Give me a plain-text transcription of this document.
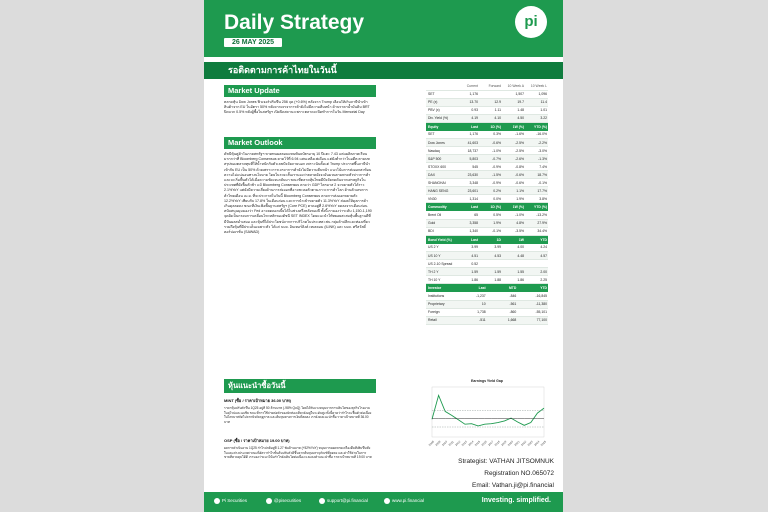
Daily Strategy
26 MAY 2025
pi
รอติดตามการค้าไทยในวันนี้
Market Update
ตลาดหุ้น Dow Jones ฟิวเจอร์ปรับขึ้น 256 จุด (+0.6%) หลังจาก Trump เลื่อนให้เก็บภาษีนำเข้าสินค้าจาก EU ในอัตรา 50% หลังจากเจรจาการค้ายังไม่มีความคืบหน้า ด้านราคาน้ำมันดิบ BRT ปิดบวก 0.5% หลังผู้ซื้อในสหรัฐฯ เปิดปิดสถานะเพราะตลาดจะปิดทำการในวัน Memorial Day
Market Outlook
ดัชนีหุ้นคู่ค้าในภาคสหรัฐฯ ขาดทนผลตอบแทนพันธบัตรอายุ 10 ปีแตะ 7.43 แต่แผลิตภาคเรียนมากกว่าที่ Bloomberg Consensus คาดไว้ที่ 6.94 แสนเหลือเฟเดือน แต่ยังต่ำกว่าในอดีต ตามบทสรุปของตลาดทุนที่ให้น้ำหนักกับตัวเลขปัจจัยภายนอก เพราะนับตั้งแต่ Trump ประกาศขึ้นภาษีนำเข้ากับ EU เป็น 50% ด้วยเพราะการเจรจาการค้ายังไม่มีความคืบหน้า แนวโน้มการส่งออกสะท้อนความไม่แน่นอนทางนโยบาย โดยในระยะสั้นเรามองว่าตลาดยังจะผันผวนตามพาดหัวข่าวการค้า และจะเริ่มฟื้นตัวได้เมื่อความชัดเจนกลับมา ขณะที่ตลาดหุ้นไทยมีปัจจัยกดดันจากเศรษฐกิจในประเทศที่ยังฟื้นตัวช้า แม้ Bloomberg Consensus คาดว่า GDP ไตรมาส 2 จะขยายตัวได้ราว 2.1%YoY แต่ยังมีความเสี่ยงด้านการส่งออกที่อาจชะลอตัวตามภาวะการค้าโลก ด้านตัวเลขการค้าไทยเดือน เม.ย. ที่จะประกาศในวันนี้ Bloomberg Consensus คาดการส่งออกขยายตัว 12.2%YoY เทียบกับ 17.8% ในเดือนก่อน และการนำเข้าขยายตัว 11.3%YoY ส่งผลให้ดุลการค้าเกินดุลลดลง ขณะที่เงินเฟ้อพื้นฐานสหรัฐฯ (Core PCE) คาดอยู่ที่ 2.6%YoY ลดลงจากเดือนก่อน สนับสนุนมุมมองว่า Fed อาจลดดอกเบี้ยได้ในช่วงครึ่งหลังของปี ทั้งนี้เรามองว่าระดับ 1,150-1,190 จุดยังเป็นกรอบการเคลื่อนไหวหลักของดัชนี SET INDEX โดยแนะนำให้ทยอยสะสมหุ้นพื้นฐานดีที่มีปันผลสม่ำเสมอ และหุ้นที่ได้ประโยชน์จากการบริโภคในประเทศ เช่น กลุ่มค้าปลีกและท่องเที่ยว รวมถึงหุ้นที่มีประเด็นเฉพาะตัว ได้แก่ บมจ. อินเทอร์ลิงค์ เทเลคอม (ILINK) และ บมจ. ศรีสวัสดิ์ คอร์ปอเรชั่น (SAWAD)
หุ้นแนะนำซื้อวันนี้
MINT (ซื้อ / ราคาเป้าหมาย 36.00 บาท)
ราคาหุ้นปรับตัวขึ้น 1Q25 อยู่ที่ 50 ล้านบาท (-98% QoQ) โดยได้รับแรงหนุนจากการเติบโตของธุรกิจโรงแรมในยุโรปและเอเชีย ขณะที่การใช้จ่ายต่อหัวของนักท่องเที่ยวยังอยู่ในระดับสูง ทั้งนี้คาดว่ากำไรจะฟื้นตัวต่อเนื่องในไตรมาสถัดไปจากปัจจัยฤดูกาล และต้นทุนทางการเงินที่ลดลง เรายังคงแนะนำซื้อ ราคาเป้าหมายที่ 36.00 บาท
OSP (ซื้อ / ราคาเป้าหมาย 19.00 บาท)
ผลการดำเนินงาน 1Q25 กำไรปกติอยู่ที่ 1.27 พันล้านบาท (+52%YoY) หนุนจากยอดขายเครื่องดื่มที่เพิ่มขึ้นทั้งในและต่างประเทศ ขณะที่อัตรากำไรขั้นต้นปรับตัวดีขึ้นจากต้นทุนบรรจุภัณฑ์ที่ลดลง และค่าใช้จ่ายในการขายที่ควบคุมได้ดี เรามองว่าแนวโน้มกำไรยังเติบโตต่อเนื่อง และคงคำแนะนำซื้อ ราคาเป้าหมายที่ 19.00 บาท
	Current	Forward	10 Week A	10 Week L
SET	1,176		1,507	1,096
PE (x)	13.70	12.9	19.7	11.4
PBV (x)	0.93	1.11	1.48	1.01
Div. Yield (%)	4.19	4.10	4.50	3.22
Equity	Last	1D (%)	1W (%)	YTD (%)
SET	1,176	0.3%	-1.6%	-16.0%
Dow Jones	41,603	-0.6%	-2.5%	-2.2%
Nasdaq	18,737	-1.0%	-2.5%	-3.0%
S&P 500	5,803	-0.7%	-2.6%	-1.3%
STOXX 600	545	-0.9%	-0.8%	7.4%
DAX	23,630	-1.5%	-0.6%	18.7%
SHANGHAI	3,348	-0.9%	-0.6%	-0.1%
HANG SENG	23,601	0.2%	1.1%	17.7%
VN30	1,314	0.0%	1.9%	3.8%
Commodity	Last	1D (%)	1W (%)	YTD (%)
Brent Oil	65	0.5%	-1.0%	-13.2%
Gold	3,358	1.9%	4.8%	27.9%
BDI	1,340	-0.1%	-3.5%	34.4%
Bond Yield (%)	Last	1D	1W	YTD
US 2 Y	3.99	3.99	4.00	4.24
US 10 Y	4.51	4.53	4.48	4.57
US 2-10 Spread	0.52			
TH 2 Y	1.59	1.59	1.55	2.00
TH 10 Y	1.86	1.88	1.86	2.25
Investor	Last	MTD	YTD
Institutions	-1,237	-846	-16,845
Proprietary	10	-561	-11,380
Foreign	1,738	-860	-55,101
Retail	-511	1,668	77,100
Earnings Yield Gap
2008 2009 2010 2011 2012 2013 2014 2015 2016 2017 2018 2019 2020 2021 2022 2023 2024 2025
Strategist: VATHAN JITSOMNUK
Registration NO.065072
Email: Vathan.ji@pi.financial
Pi Securities	@pisecurities	support@pi.financial	www.pi.financial	Investing. simplified.
